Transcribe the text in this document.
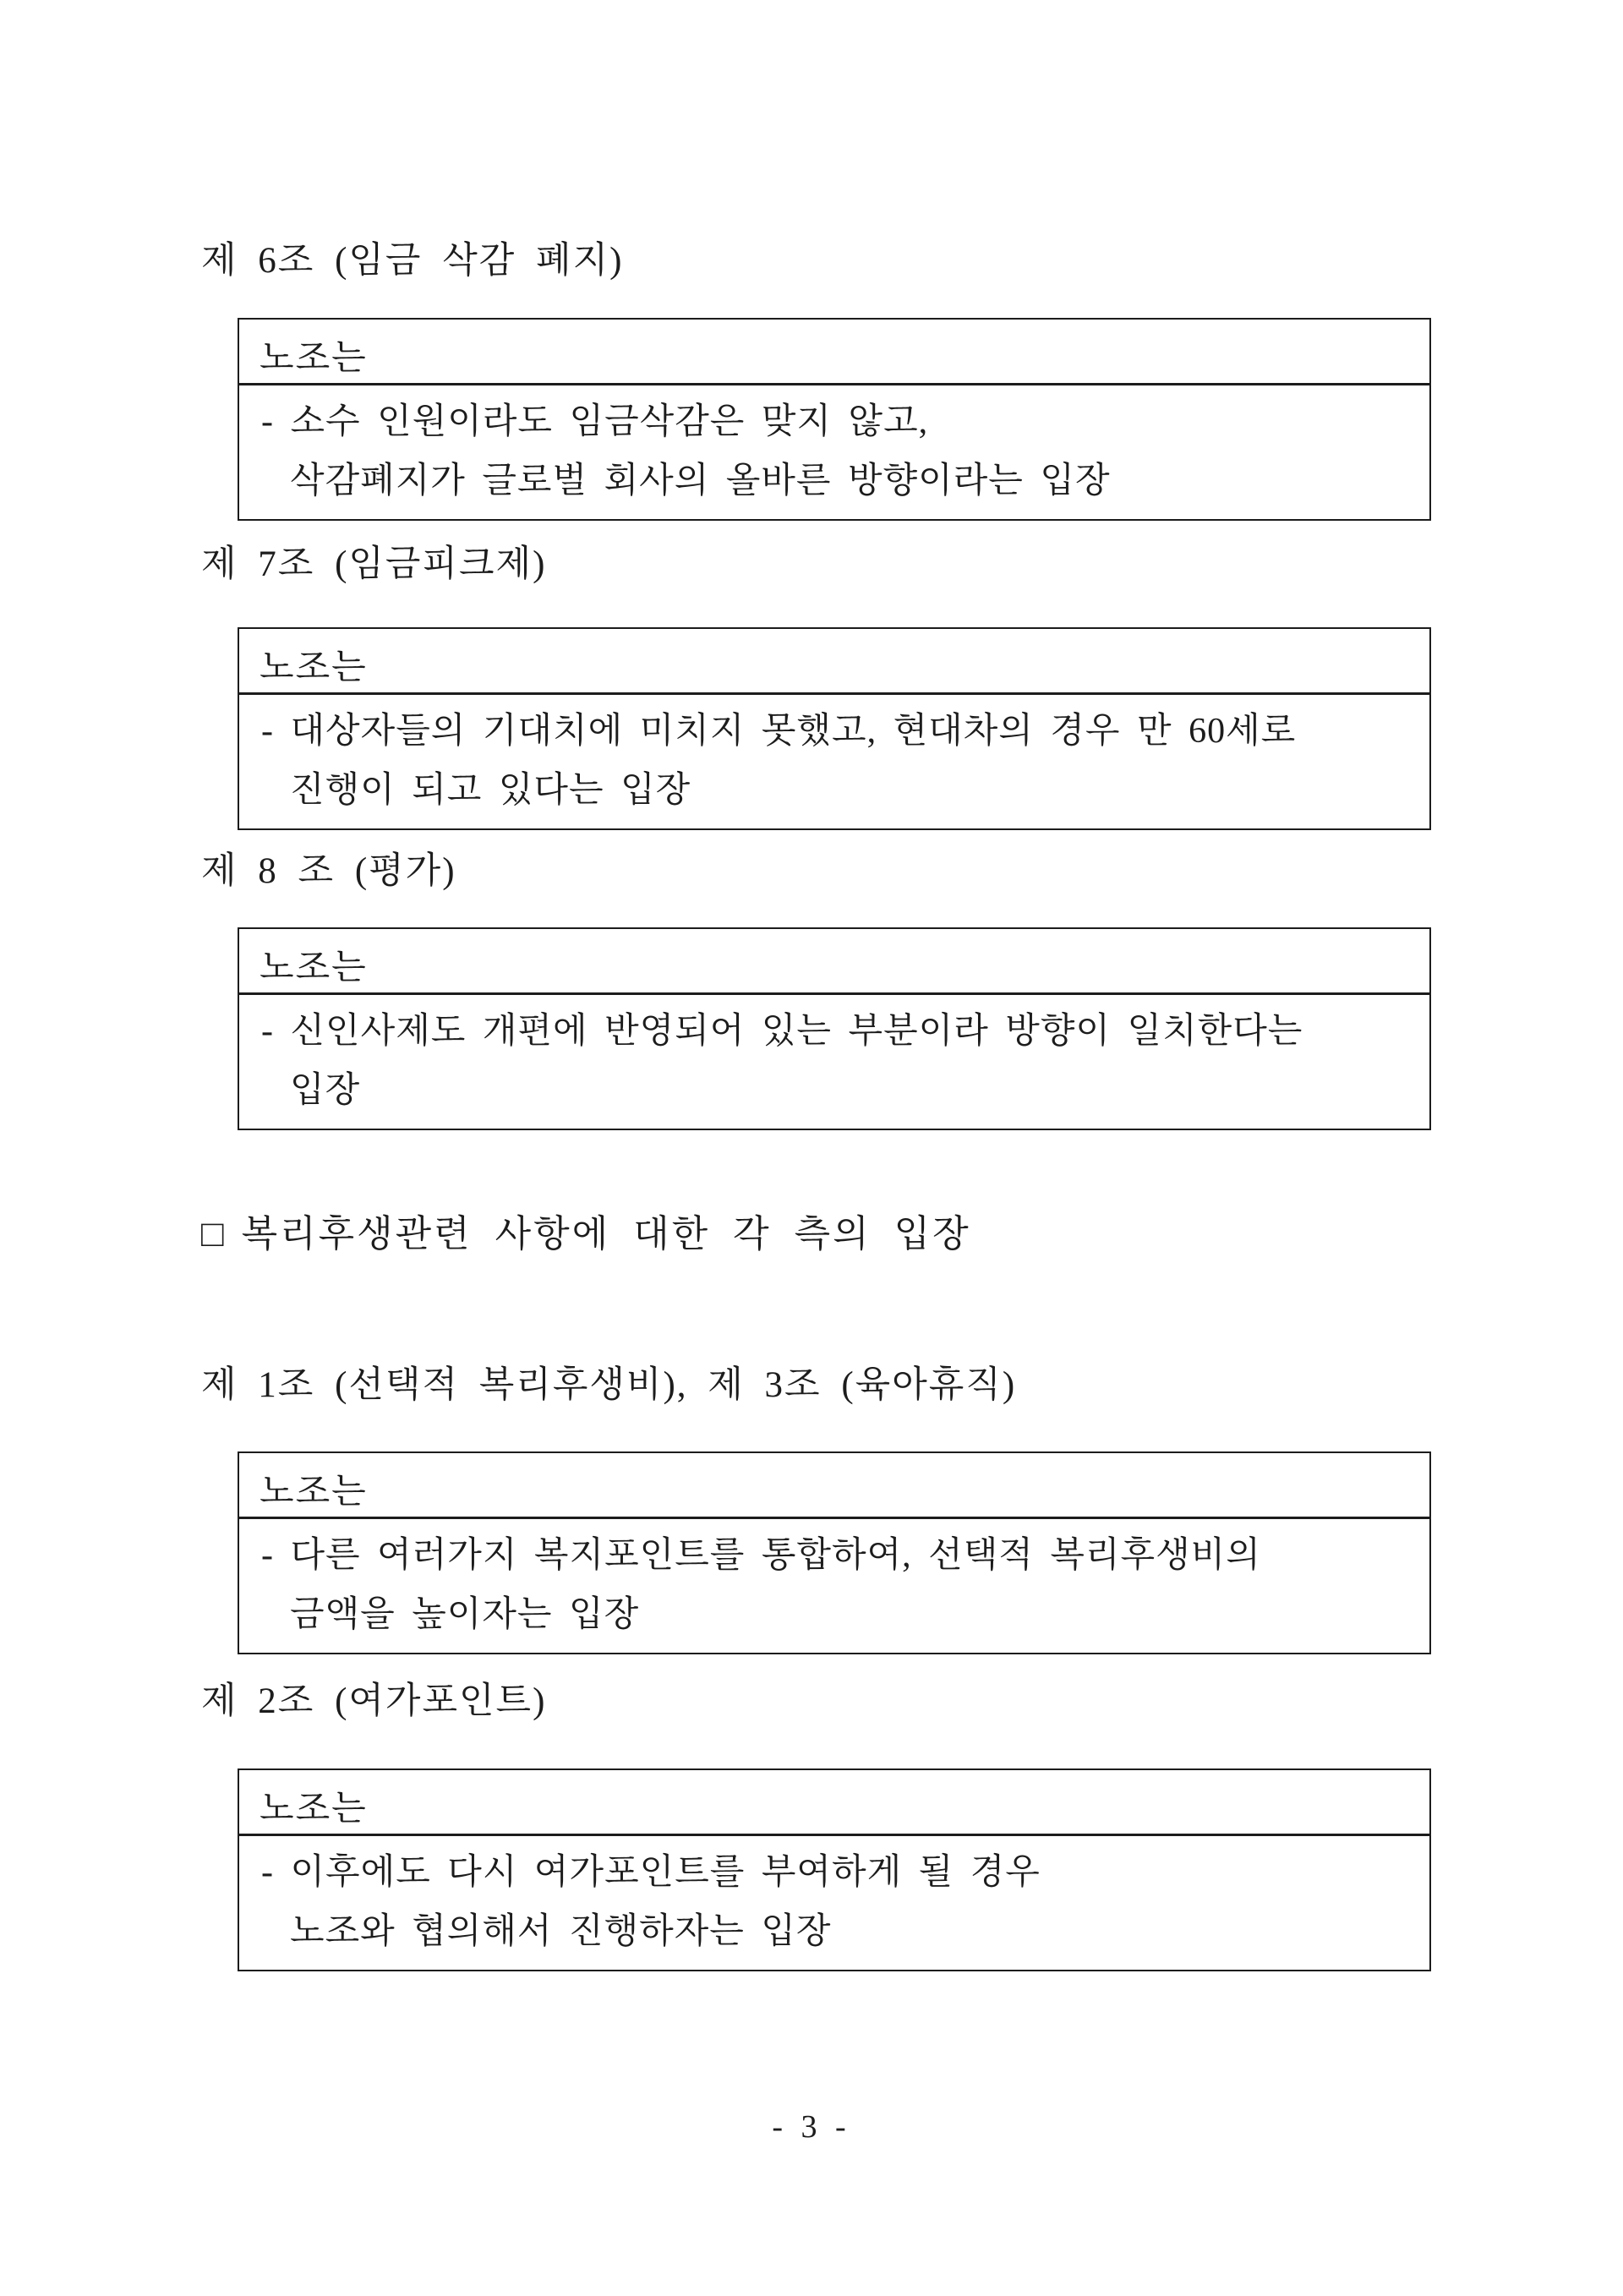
제 6조 (임금 삭감 폐지)
노조는
- 소수 인원이라도 임금삭감은 맞지 않고,
삭감폐지가 글로벌 회사의 올바른 방향이라는 입장
제 7조 (임금피크제)
노조는
- 대상자들의 기대치에 미치지 못했고, 현대차의 경우 만 60세로
진행이 되고 있다는 입장
제 8 조 (평가)
노조는
- 신인사제도 개편에 반영되어 있는 부분이라 방향이 일치한다는
입장
□ 복리후생관련 사항에 대한 각 측의 입장
제 1조 (선택적 복리후생비), 제 3조 (육아휴직)
노조는
- 다른 여러가지 복지포인트를 통합하여, 선택적 복리후생비의
금액을 높이자는 입장
제 2조 (여가포인트)
노조는
- 이후에도 다시 여가포인트를 부여하게 될 경우
노조와 협의해서 진행하자는 입장
- 3 -
